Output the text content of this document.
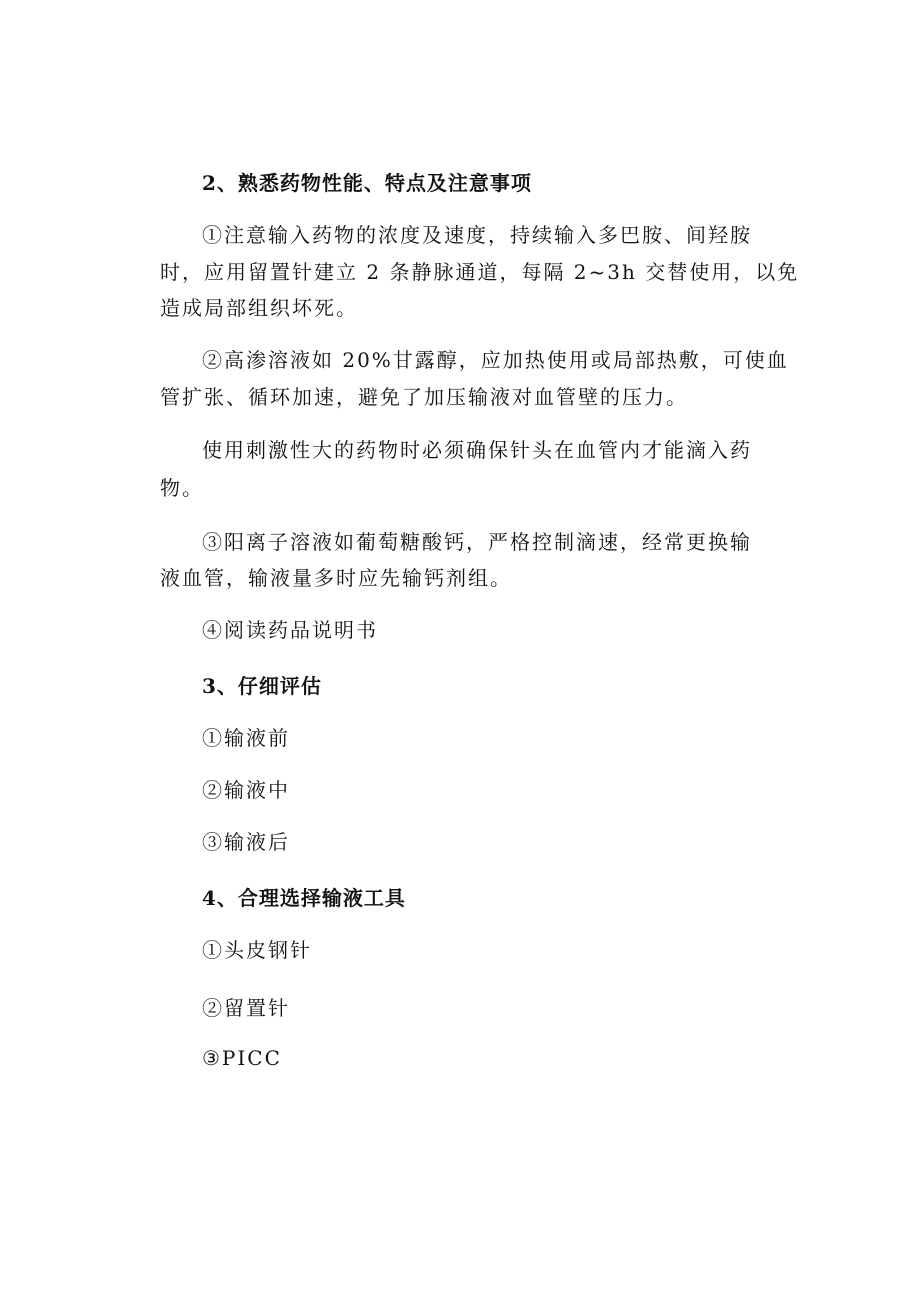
2、熟悉药物性能、特点及注意事项
①注意输入药物的浓度及速度，持续输入多巴胺、间羟胺
时，应用留置针建立 2 条静脉通道，每隔 2~3h 交替使用，以免
造成局部组织坏死。
②高渗溶液如 20%甘露醇，应加热使用或局部热敷，可使血
管扩张、循环加速，避免了加压输液对血管壁的压力。
使用刺激性大的药物时必须确保针头在血管内才能滴入药
物。
③阳离子溶液如葡萄糖酸钙，严格控制滴速，经常更换输
液血管，输液量多时应先输钙剂组。
④阅读药品说明书
3、仔细评估
①输液前
②输液中
③输液后
4、合理选择输液工具
①头皮钢针
②留置针
③PICC
